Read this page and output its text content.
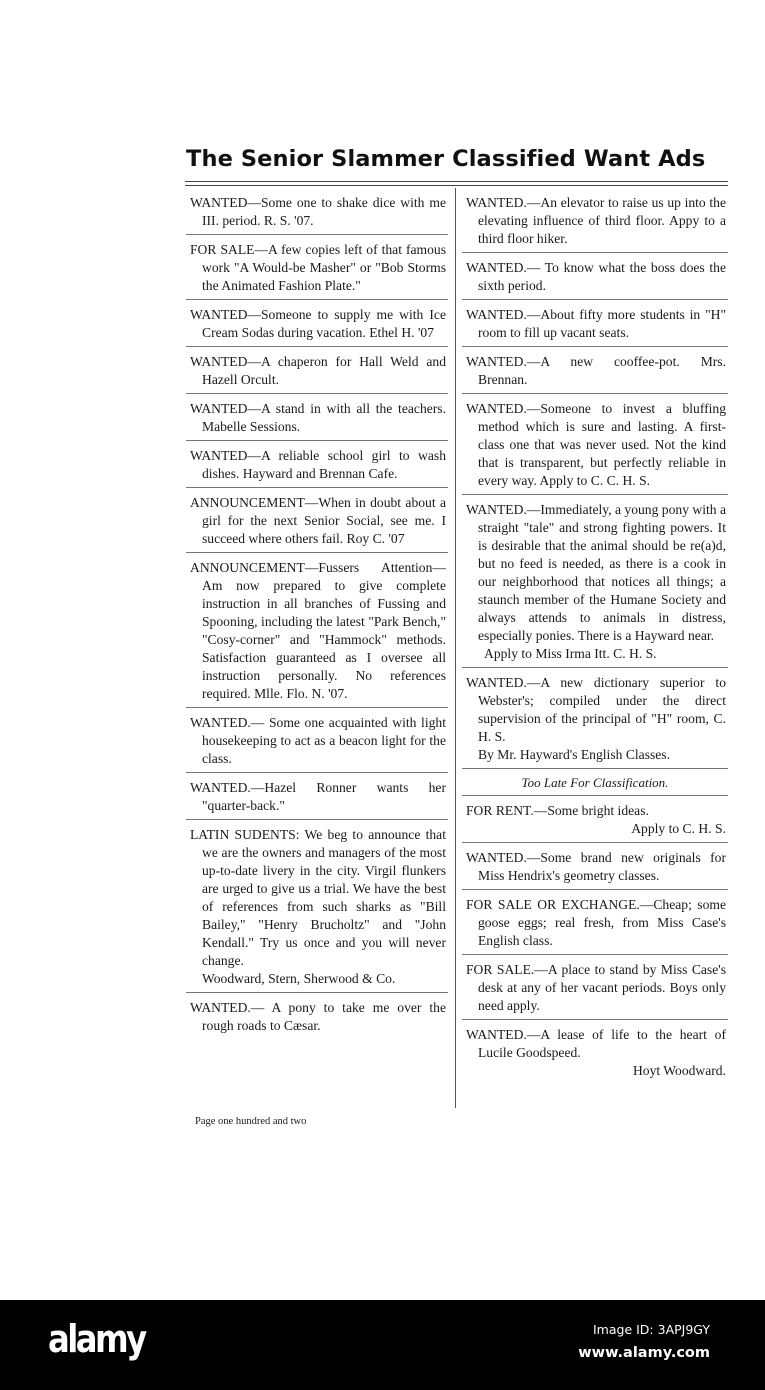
The Senior Slammer Classified Want Ads
WANTED—Some one to shake dice with me III. period. R. S. '07.
FOR SALE—A few copies left of that famous work "A Would-be Masher" or "Bob Storms the Animated Fashion Plate."
WANTED—Someone to supply me with Ice Cream Sodas during vacation. Ethel H. '07
WANTED—A chaperon for Hall Weld and Hazell Orcult.
WANTED—A stand in with all the teachers. Mabelle Sessions.
WANTED—A reliable school girl to wash dishes. Hayward and Brennan Cafe.
ANNOUNCEMENT—When in doubt about a girl for the next Senior Social, see me. I succeed where others fail. Roy C. '07
ANNOUNCEMENT—Fussers Attention—Am now prepared to give complete instruction in all branches of Fussing and Spooning, including the latest "Park Bench," "Cosy-corner" and "Hammock" methods. Satisfaction guaranteed as I oversee all instruction personally. No references required. Mlle. Flo. N. '07.
WANTED.— Some one acquainted with light housekeeping to act as a beacon light for the class.
WANTED.—Hazel Ronner wants her "quarter-back."
LATIN SUDENTS: We beg to announce that we are the owners and managers of the most up-to-date livery in the city. Virgil flunkers are urged to give us a trial. We have the best of references from such sharks as "Bill Bailey," "Henry Brucholtz" and "John Kendall." Try us once and you will never change.
Woodward, Stern, Sherwood & Co.
WANTED.— A pony to take me over the rough roads to Cæsar.
WANTED.—An elevator to raise us up into the elevating influence of third floor. Appy to a third floor hiker.
WANTED.— To know what the boss does the sixth period.
WANTED.—About fifty more students in "H" room to fill up vacant seats.
WANTED.—A new cooffee-pot. Mrs. Brennan.
WANTED.—Someone to invest a bluffing method which is sure and lasting. A first-class one that was never used. Not the kind that is transparent, but perfectly reliable in every way. Apply to C. C. H. S.
WANTED.—Immediately, a young pony with a straight "tale" and strong fighting powers. It is desirable that the animal should be re(a)d, but no feed is needed, as there is a cook in our neighborhood that notices all things; a staunch member of the Humane Society and always attends to animals in distress, especially ponies. There is a Hayward near.
Apply to Miss Irma Itt. C. H. S.
WANTED.—A new dictionary superior to Webster's; compiled under the direct supervision of the principal of "H" room, C. H. S.
By Mr. Hayward's English Classes.
Too Late For Classification.
FOR RENT.—Some bright ideas.
Apply to C. H. S.
WANTED.—Some brand new originals for Miss Hendrix's geometry classes.
FOR SALE OR EXCHANGE.—Cheap; some goose eggs; real fresh, from Miss Case's English class.
FOR SALE.—A place to stand by Miss Case's desk at any of her vacant periods. Boys only need apply.
WANTED.—A lease of life to the heart of Lucile Goodspeed.
Hoyt Woodward.
Page one hundred and two
alamy	Image ID: 3APJ9GY
www.alamy.com
